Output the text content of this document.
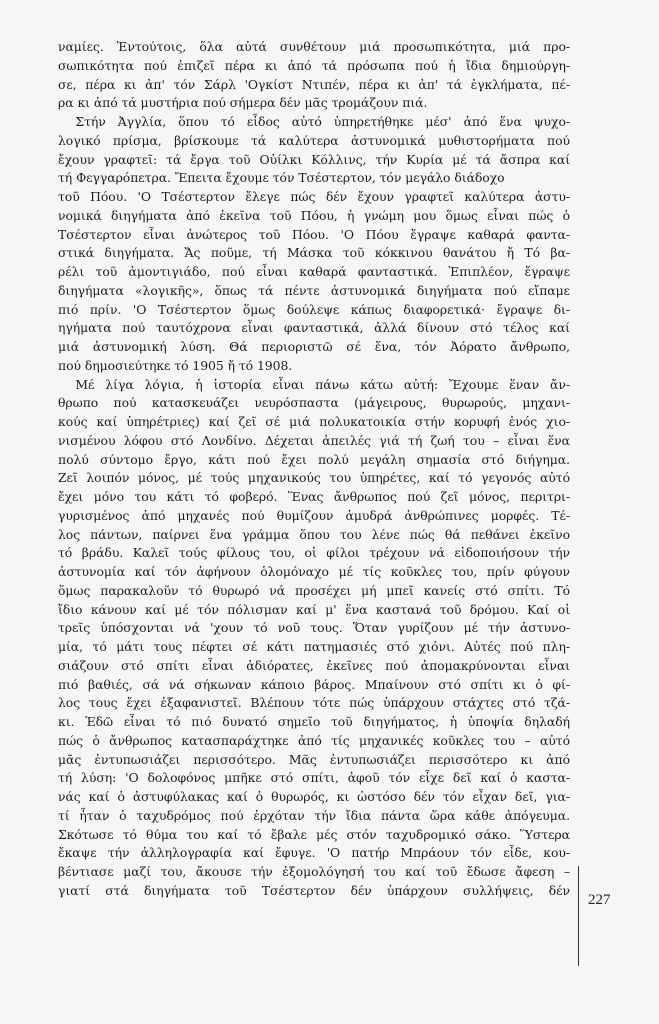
ναμίες. Ἐντούτοις, ὅλα αὐτά συνθέτουν μιά προσωπικότητα, μιά προ-
σωπικότητα πού ἐπιζεῖ πέρα κι ἀπό τά πρόσωπα πού ἡ ἴδια δημιούργη-
σε, πέρα κι ἀπ' τόν Σάρλ 'Ογκίστ Ντιπέν, πέρα κι ἀπ' τά ἐγκλήματα, πέ-
ρα κι ἀπό τά μυστήρια πού σήμερα δέν μᾶς τρομάζουν πιά.
Στήν Ἀγγλία, ὅπου τό εἶδος αὐτό ὑπηρετήθηκε μέσ' ἀπό ἕνα ψυχο-
λογικό πρίσμα, βρίσκουμε τά καλύτερα ἀστυνομικά μυθιστορήματα πού
ἔχουν γραφτεῖ: τά ἔργα τοῦ Οὐίλκι Κόλλινς, τήν Κυρία μέ τά ἄσπρα καί
τή Φεγγαρόπετρα. Ἔπειτα ἔχουμε τόν Τσέστερτον, τόν μεγάλο διάδοχο
τοῦ Πόου. 'Ο Τσέστερτον ἔλεγε πώς δέν ἔχουν γραφτεῖ καλύτερα ἀστυ-
νομικά διηγήματα ἀπό ἐκεῖνα τοῦ Πόου, ἡ γνώμη μου ὅμως εἶναι πώς ὁ
Τσέστερτον εἶναι ἀνώτερος τοῦ Πόου. 'Ο Πόου ἔγραψε καθαρά φαντα-
στικά διηγήματα. Ἄς ποῦμε, τή Μάσκα τοῦ κόκκινου θανάτου ἤ Τό βα-
ρέλι τοῦ ἀμοντιγιάδο, πού εἶναι καθαρά φανταστικά. Ἐπιπλέον, ἔγραψε
διηγήματα «λογικῆς», ὅπως τά πέντε ἀστυνομικά διηγήματα πού εἴπαμε
πιό πρίν. 'Ο Τσέστερτον ὅμως δούλεψε κάπως διαφορετικά· ἔγραψε δι-
ηγήματα πού ταυτόχρονα εἶναι φανταστικά, ἀλλά δίνουν στό τέλος καί
μιά ἀστυνομική λύση. Θά περιοριστῶ σέ ἕνα, τόν Ἀόρατο ἄνθρωπο,
πού δημοσιεύτηκε τό 1905 ἤ τό 1908.
Μέ λίγα λόγια, ἡ ἱστορία εἶναι πάνω κάτω αὐτή: Ἔχουμε ἕναν ἄν-
θρωπο πού κατασκευάζει νευρόσπαστα (μάγειρους, θυρωρούς, μηχανι-
κούς καί ὑπηρέτριες) καί ζεῖ σέ μιά πολυκατοικία στήν κορυφή ἑνός χιο-
νισμένου λόφου στό Λονδίνο. Δέχεται ἀπειλές γιά τή ζωή του – εἶναι ἕνα
πολύ σύντομο ἔργο, κάτι πού ἔχει πολύ μεγάλη σημασία στό διήγημα.
Ζεῖ λοιπόν μόνος, μέ τούς μηχανικούς του ὑπηρέτες, καί τό γεγονός αὐτό
ἔχει μόνο του κάτι τό φοβερό. Ἕνας ἄνθρωπος πού ζεῖ μόνος, περιτρι-
γυρισμένος ἀπό μηχανές πού θυμίζουν ἀμυδρά ἀνθρώπινες μορφές. Τέ-
λος πάντων, παίρνει ἕνα γράμμα ὅπου του λένε πώς θά πεθάνει ἐκεῖνο
τό βράδυ. Καλεῖ τούς φίλους του, οἱ φίλοι τρέχουν νά εἰδοποιήσουν τήν
ἀστυνομία καί τόν ἀφήνουν ὁλομόναχο μέ τίς κοῦκλες του, πρίν φύγουν
ὅμως παρακαλοῦν τό θυρωρό νά προσέχει μή μπεῖ κανείς στό σπίτι. Τό
ἴδιο κάνουν καί μέ τόν πόλισμαν καί μ' ἕνα καστανά τοῦ δρόμου. Καί οἱ
τρεῖς ὑπόσχονται νά 'χουν τό νοῦ τους. Ὅταν γυρίζουν μέ τήν ἀστυνο-
μία, τό μάτι τους πέφτει σέ κάτι πατημασιές στό χιόνι. Αὐτές πού πλη-
σιάζουν στό σπίτι εἶναι ἀδιόρατες, ἐκεῖνες πού ἀπομακρύνονται εἶναι
πιό βαθιές, σά νά σήκωναν κάποιο βάρος. Μπαίνουν στό σπίτι κι ὁ φί-
λος τους ἔχει ἐξαφανιστεῖ. Βλέπουν τότε πώς ὑπάρχουν στάχτες στό τζά-
κι. Ἐδῶ εἶναι τό πιό δυνατό σημεῖο τοῦ διηγήματος, ἡ ὑποψία δηλαδή
πώς ὁ ἄνθρωπος κατασπαράχτηκε ἀπό τίς μηχανικές κοῦκλες του – αὐτό
μᾶς ἐντυπωσιάζει περισσότερο. Μᾶς ἐντυπωσιάζει περισσότερο κι ἀπό
τή λύση: 'Ο δολοφόνος μπῆκε στό σπίτι, ἀφοῦ τόν εἶχε δεῖ καί ὁ καστα-
νάς καί ὁ ἀστυφύλακας καί ὁ θυρωρός, κι ὡστόσο δέν τόν εἶχαν δεῖ, για-
τί ἦταν ὁ ταχυδρόμος πού ἐρχόταν τήν ἴδια πάντα ὥρα κάθε ἀπόγευμα.
Σκότωσε τό θύμα του καί τό ἔβαλε μές στόν ταχυδρομικό σάκο. Ὕστερα
ἔκαψε τήν ἀλληλογραφία καί ἔφυγε. 'Ο πατήρ Μπράουν τόν εἶδε, κου-
βέντιασε μαζί του, ἄκουσε τήν ἐξομολόγησή του καί τοῦ ἔδωσε ἄφεση –
γιατί στά διηγήματα τοῦ Τσέστερτον δέν ὑπάρχουν συλλήψεις, δέν
227
